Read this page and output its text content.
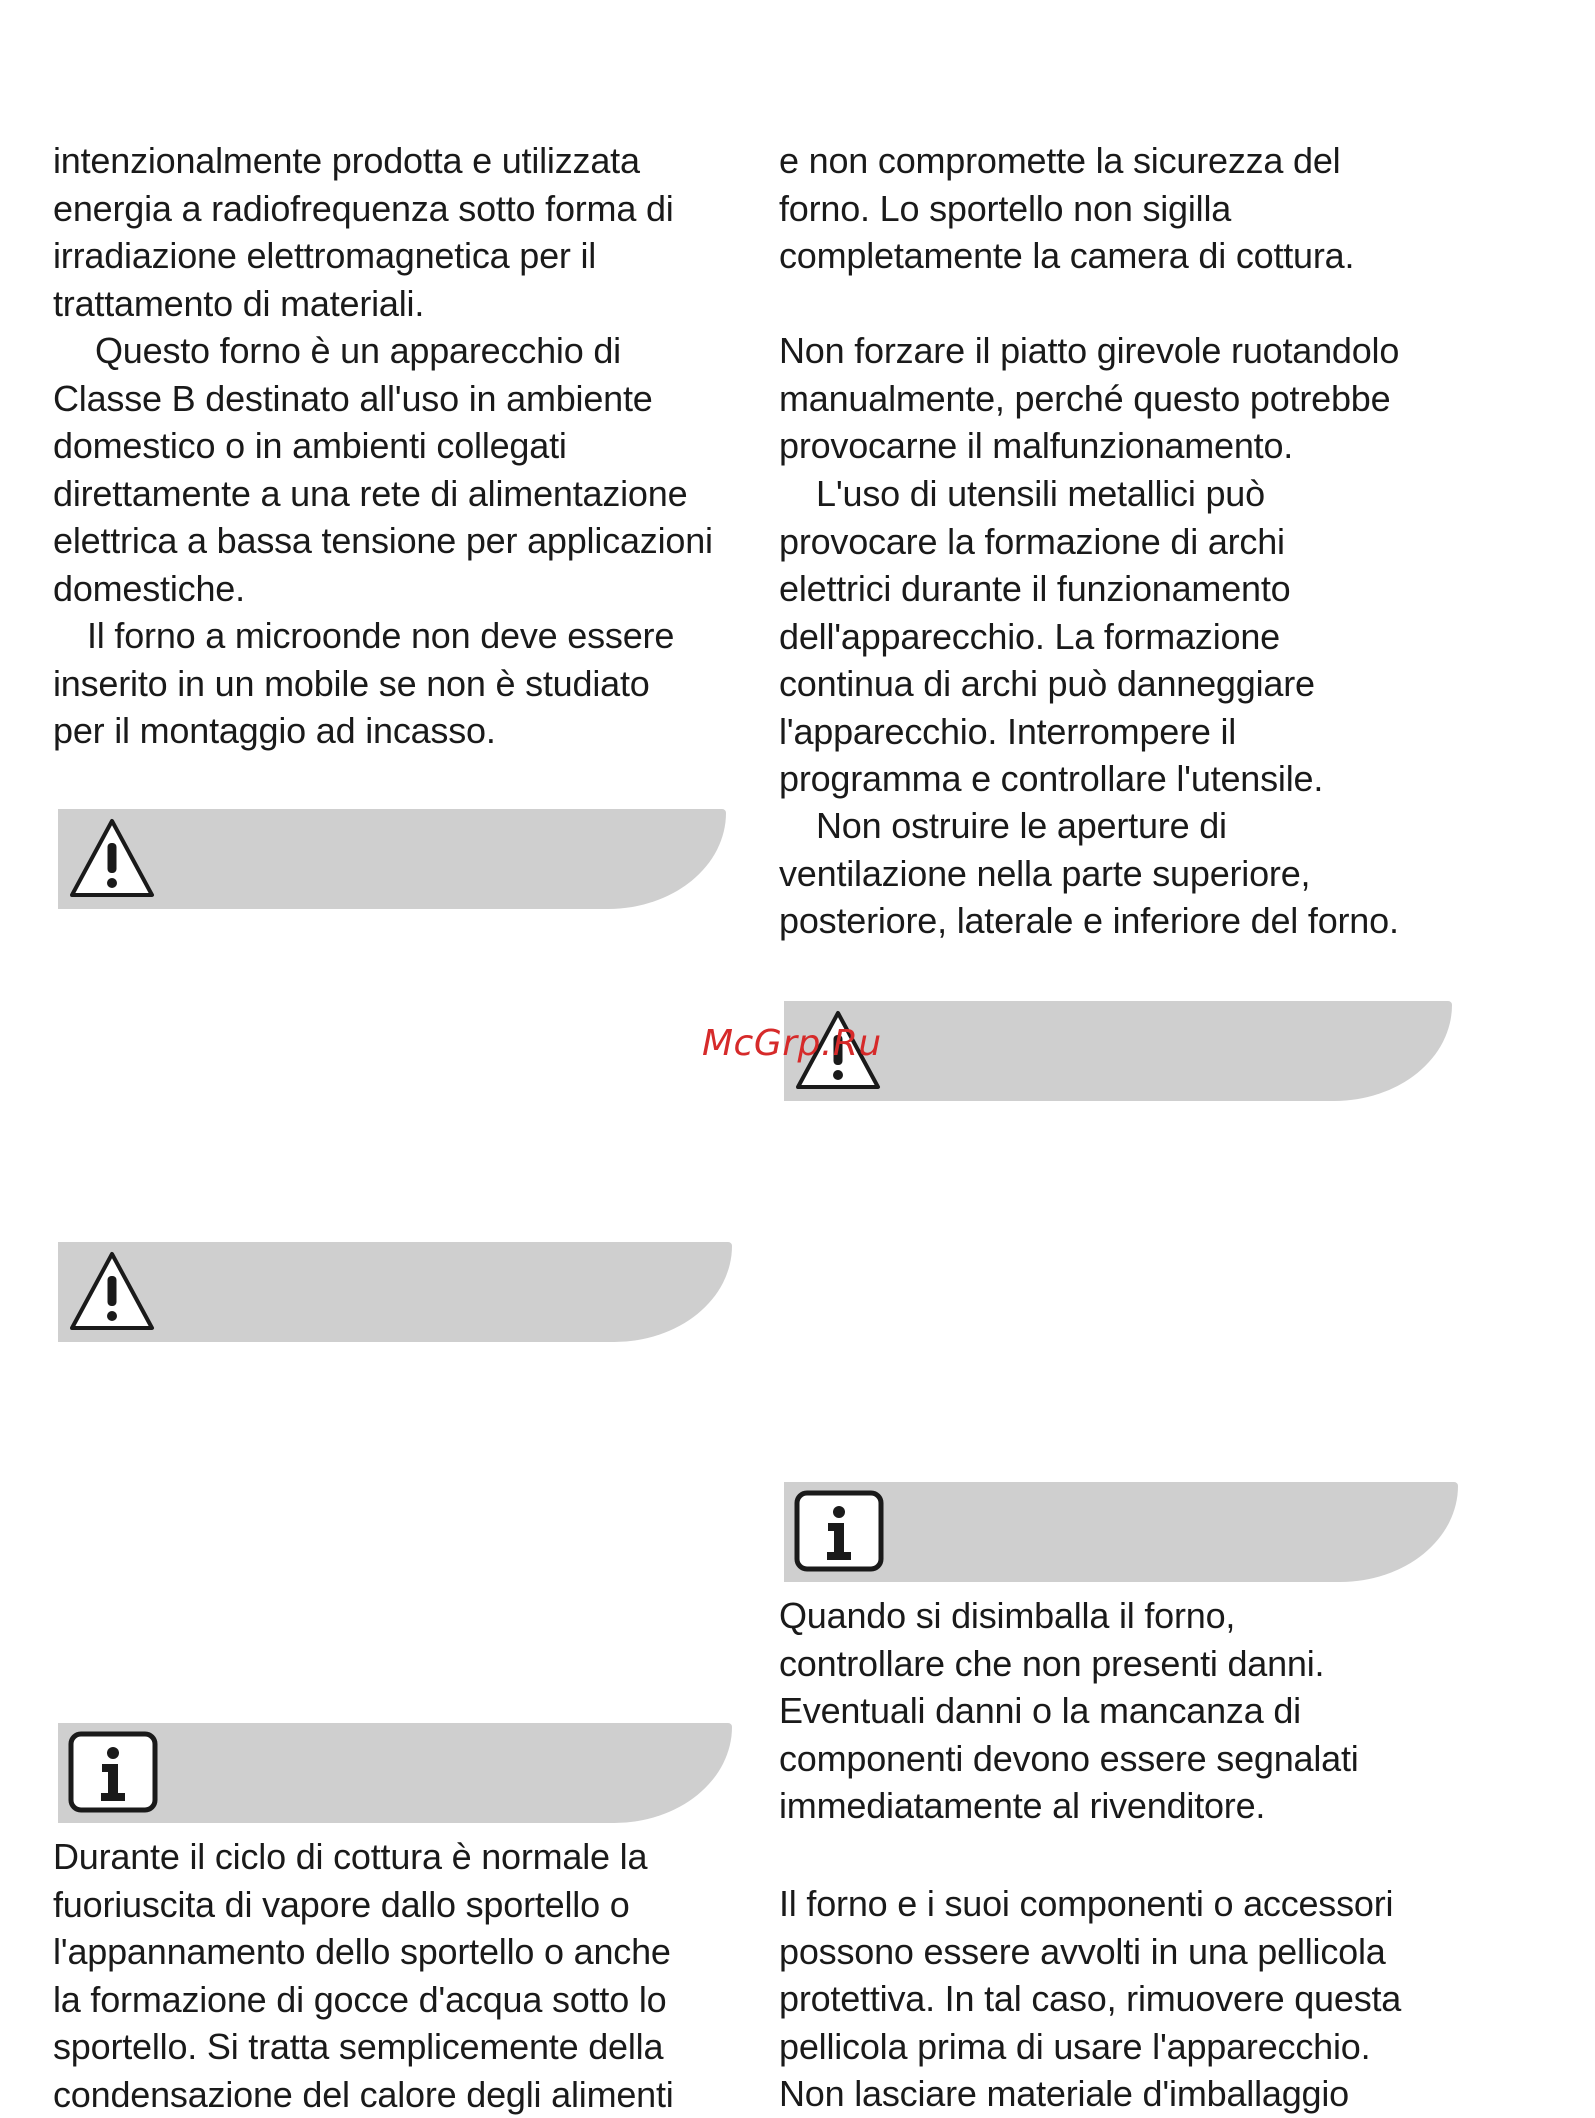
intenzionalmente prodotta e utilizzata
energia a radiofrequenza sotto forma di
irradiazione elettromagnetica per il
trattamento di materiali.
Questo forno è un apparecchio di
Classe B destinato all'uso in ambiente
domestico o in ambienti collegati
direttamente a una rete di alimentazione
elettrica a bassa tensione per applicazioni
domestiche.
Il forno a microonde non deve essere
inserito in un mobile se non è studiato
per il montaggio ad incasso.
Durante il ciclo di cottura è normale la
fuoriuscita di vapore dallo sportello o
l'appannamento dello sportello o anche
la formazione di gocce d'acqua sotto lo
sportello. Si tratta semplicemente della
condensazione del calore degli alimenti
e non compromette la sicurezza del
forno. Lo sportello non sigilla
completamente la camera di cottura.
Non forzare il piatto girevole ruotandolo
manualmente, perché questo potrebbe
provocarne il malfunzionamento.
L'uso di utensili metallici può
provocare la formazione di archi
elettrici durante il funzionamento
dell'apparecchio. La formazione
continua di archi può danneggiare
l'apparecchio. Interrompere il
programma e controllare l'utensile.
Non ostruire le aperture di
ventilazione nella parte superiore,
posteriore, laterale e inferiore del forno.
Quando si disimballa il forno,
controllare che non presenti danni.
Eventuali danni o la mancanza di
componenti devono essere segnalati
immediatamente al rivenditore.
Il forno e i suoi componenti o accessori
possono essere avvolti in una pellicola
protettiva. In tal caso, rimuovere questa
pellicola prima di usare l'apparecchio.
Non lasciare materiale d'imballaggio
McGrp.Ru
